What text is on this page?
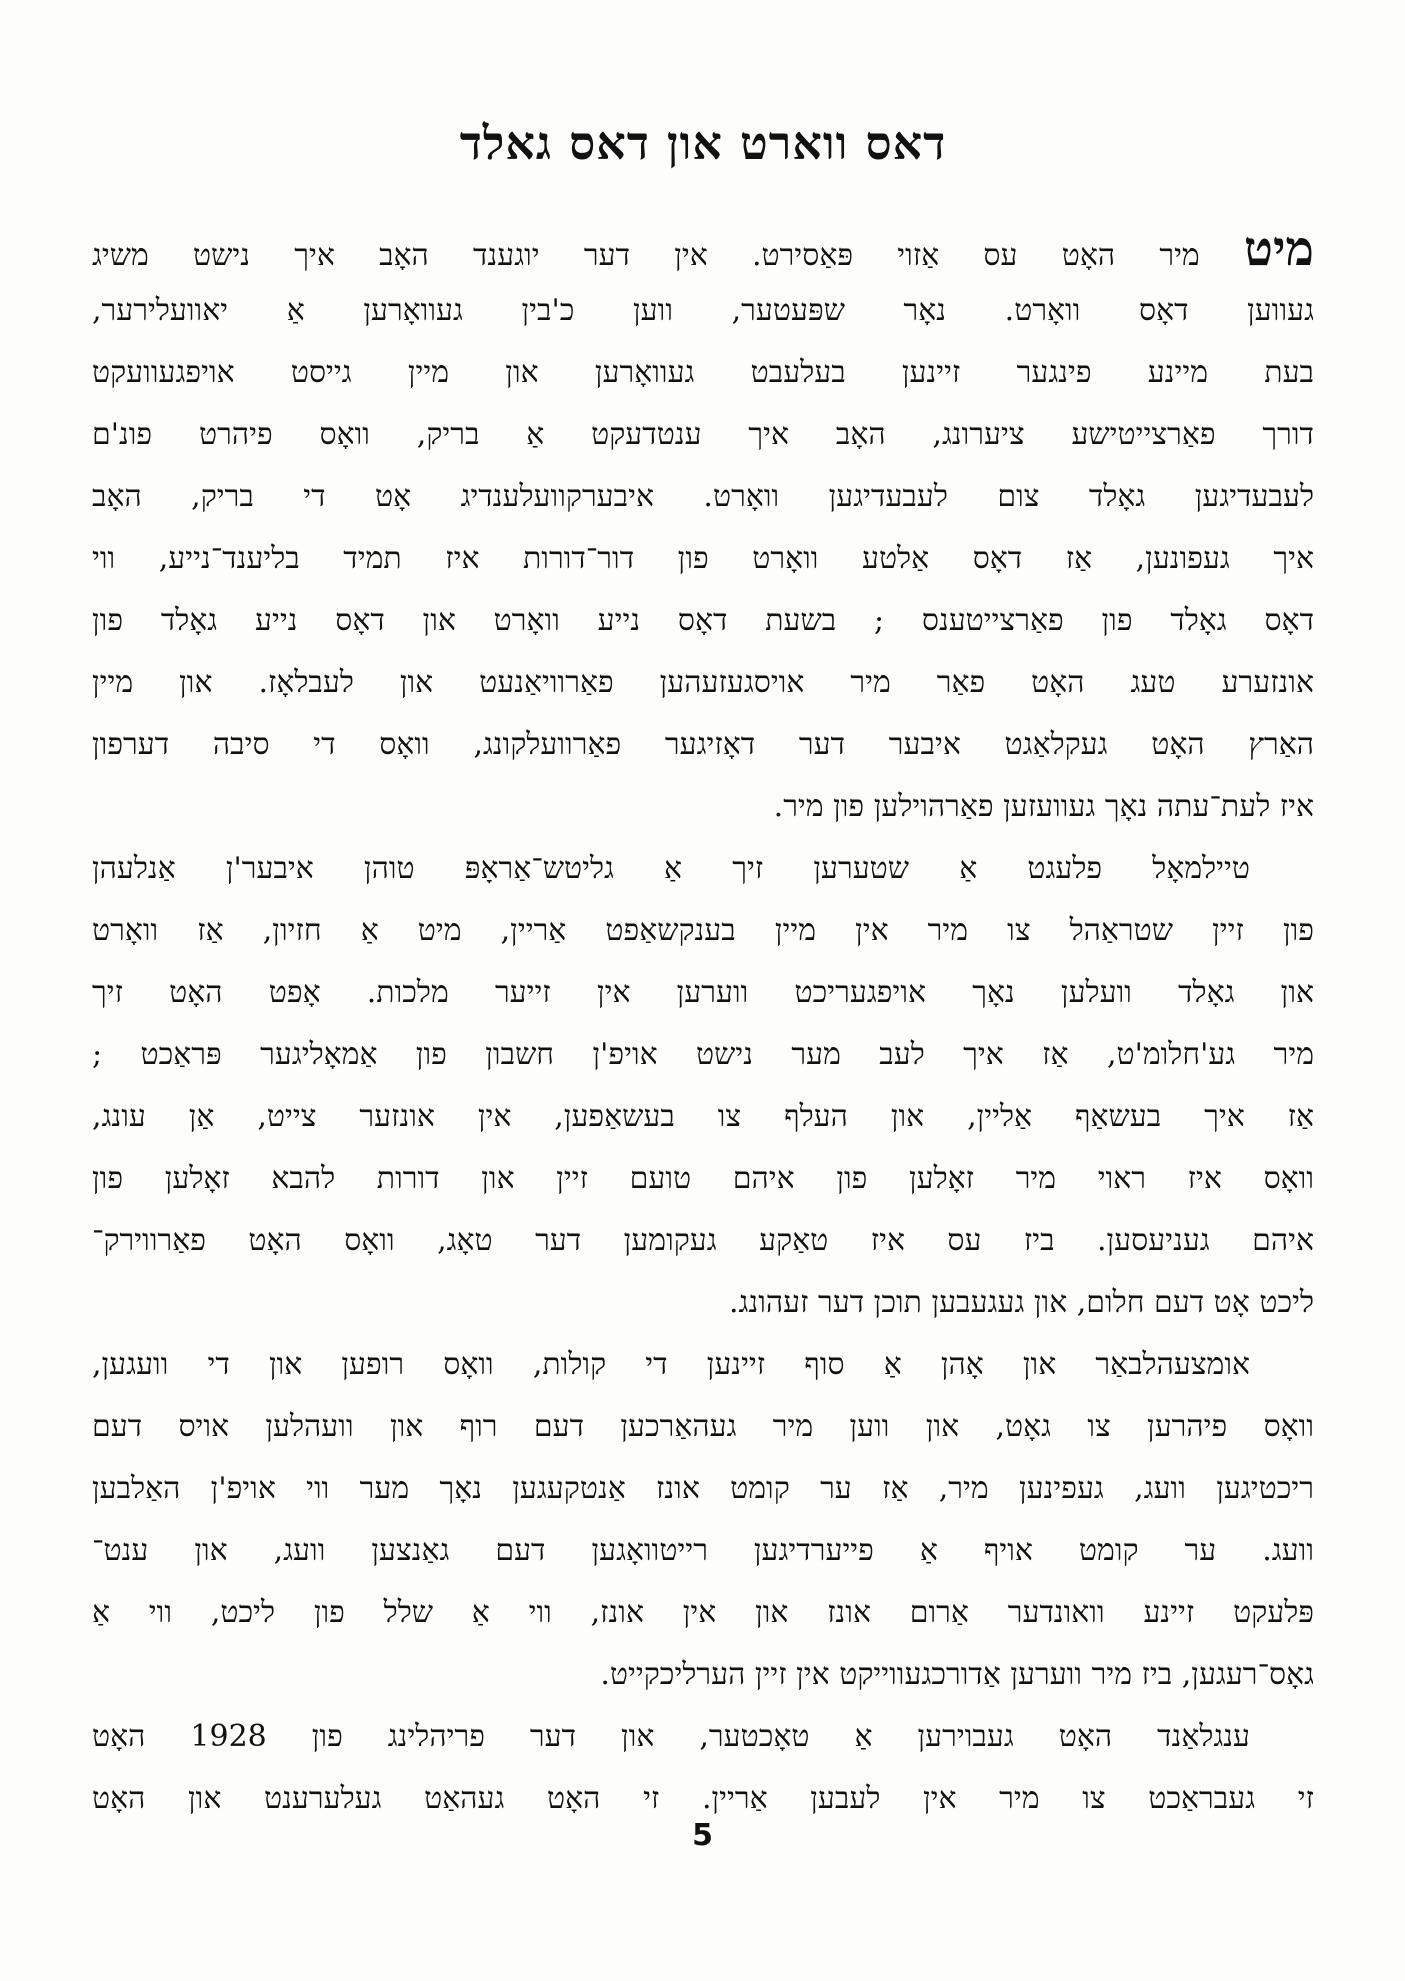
דאס ווארט און דאס גאלד
מיט מיר האָט עס אַזוי פּאַסירט. אין דער יוגענד האָב איך נישט משיג
געווען דאָס וואָרט. נאָר שפּעטער, ווען כ'בין געוואָרען אַ יאוועלירער,
בעת מיינע פינגער זיינען בעלעבט געוואָרען און מיין גייסט אויפגעוועקט
דורך פאַרצייטישע ציערונג, האָב איך ענטדעקט אַ בריק, וואָס פיהרט פונ'ם
לעבעדיגען גאָלד צום לעבעדיגען וואָרט. איבערקוועלענדיג אָט די בריק, האָב
איך געפונען, אַז דאָס אַלטע וואָרט פון דור־דורות איז תמיד בליענד־נייע, ווי
דאָס גאָלד פון פאַרצייטענס ; בשעת דאָס נייע וואָרט און דאָס נייע גאָלד פון
אונזערע טעג האָט פאַר מיר אויסגעזעהען פאַרוויאַנעט און לעבלאָז. און מיין
האַרץ האָט געקלאַגט איבער דער דאָזיגער פאַרוועלקונג, וואָס די סיבה דערפון
איז לעת־עתה נאָך געוועזען פאַרהוילען פון מיר.
טיילמאָל פלעגט אַ שטערען זיך אַ גליטש־אַראָפּ טוהן איבער'ן אַנלעהן
פון זיין שטראַהל צו מיר אין מיין בענקשאַפט אַריין, מיט אַ חזיון, אַז וואָרט
און גאָלד וועלען נאָך אויפגעריכט ווערען אין זייער מלכות. אָפט האָט זיך
מיר גע'חלומ'ט, אַז איך לעב מער נישט אויפ'ן חשבון פון אַמאָליגער פּראַכט ;
אַז איך בעשאַף אַליין, און העלף צו בעשאַפען, אין אונזער צייט, אַן עונג,
וואָס איז ראוי מיר זאָלען פון איהם טועם זיין און דורות להבא זאָלען פון
איהם געניעסען. ביז עס איז טאַקע געקומען דער טאָג, וואָס האָט פאַרווירק־
ליכט אָט דעם חלום, און געגעבען תוכן דער זעהונג.
אומצעהלבאַר און אָהן אַ סוף זיינען די קולות, וואָס רופען און די וועגען,
וואָס פיהרען צו גאָט, און ווען מיר געהאַרכען דעם רוף און וועהלען אויס דעם
ריכטיגען וועג, געפינען מיר, אַז ער קומט אונז אַנטקעגען נאָך מער ווי אויפ'ן האַלבען
וועג. ער קומט אויף אַ פייערדיגען רייטוואָגען דעם גאַנצען וועג, און ענט־
פּלעקט זיינע וואונדער אַרום אונז און אין אונז, ווי אַ שלל פון ליכט, ווי אַ
גאָס־רעגען, ביז מיר ווערען אַדורכגעווייקט אין זיין הערליכקייט.
ענגלאַנד האָט געבוירען אַ טאָכטער, און דער פריהלינג פון 1928 האָט
זי געבראַכט צו מיר אין לעבען אַריין. זי האָט געהאַט געלערענט און האָט
5
